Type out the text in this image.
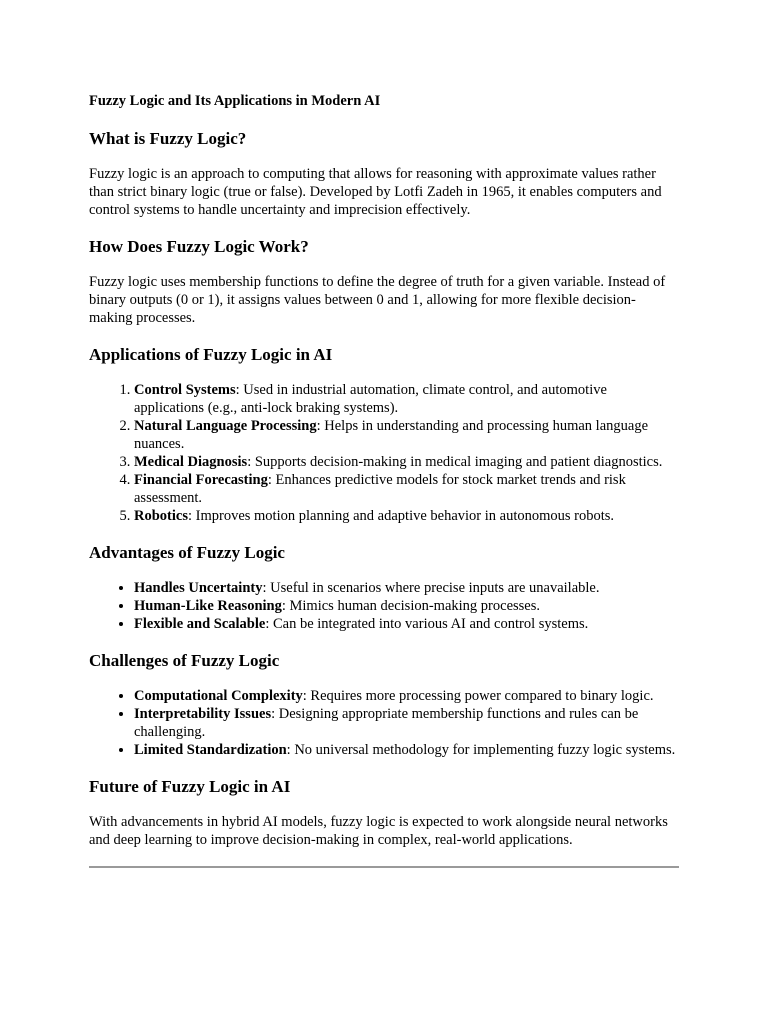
Fuzzy Logic and Its Applications in Modern AI
What is Fuzzy Logic?

Fuzzy logic is an approach to computing that allows for reasoning with approximate values rather than strict binary logic (true or false). Developed by Lotfi Zadeh in 1965, it enables computers and control systems to handle uncertainty and imprecision effectively.

How Does Fuzzy Logic Work?

Fuzzy logic uses membership functions to define the degree of truth for a given variable. Instead of binary outputs (0 or 1), it assigns values between 0 and 1, allowing for more flexible decision-making processes.

Applications of Fuzzy Logic in AI
1. Control Systems: Used in industrial automation, climate control, and automotive applications (e.g., anti-lock braking systems).
2. Natural Language Processing: Helps in understanding and processing human language nuances.
3. Medical Diagnosis: Supports decision-making in medical imaging and patient diagnostics.
4. Financial Forecasting: Enhances predictive models for stock market trends and risk assessment.
5. Robotics: Improves motion planning and adaptive behavior in autonomous robots.
Advantages of Fuzzy Logic
• Handles Uncertainty: Useful in scenarios where precise inputs are unavailable.
• Human-Like Reasoning: Mimics human decision-making processes.
• Flexible and Scalable: Can be integrated into various AI and control systems.
Challenges of Fuzzy Logic
• Computational Complexity: Requires more processing power compared to binary logic.
• Interpretability Issues: Designing appropriate membership functions and rules can be challenging.
• Limited Standardization: No universal methodology for implementing fuzzy logic systems.
Future of Fuzzy Logic in AI

With advancements in hybrid AI models, fuzzy logic is expected to work alongside neural networks and deep learning to improve decision-making in complex, real-world applications.
